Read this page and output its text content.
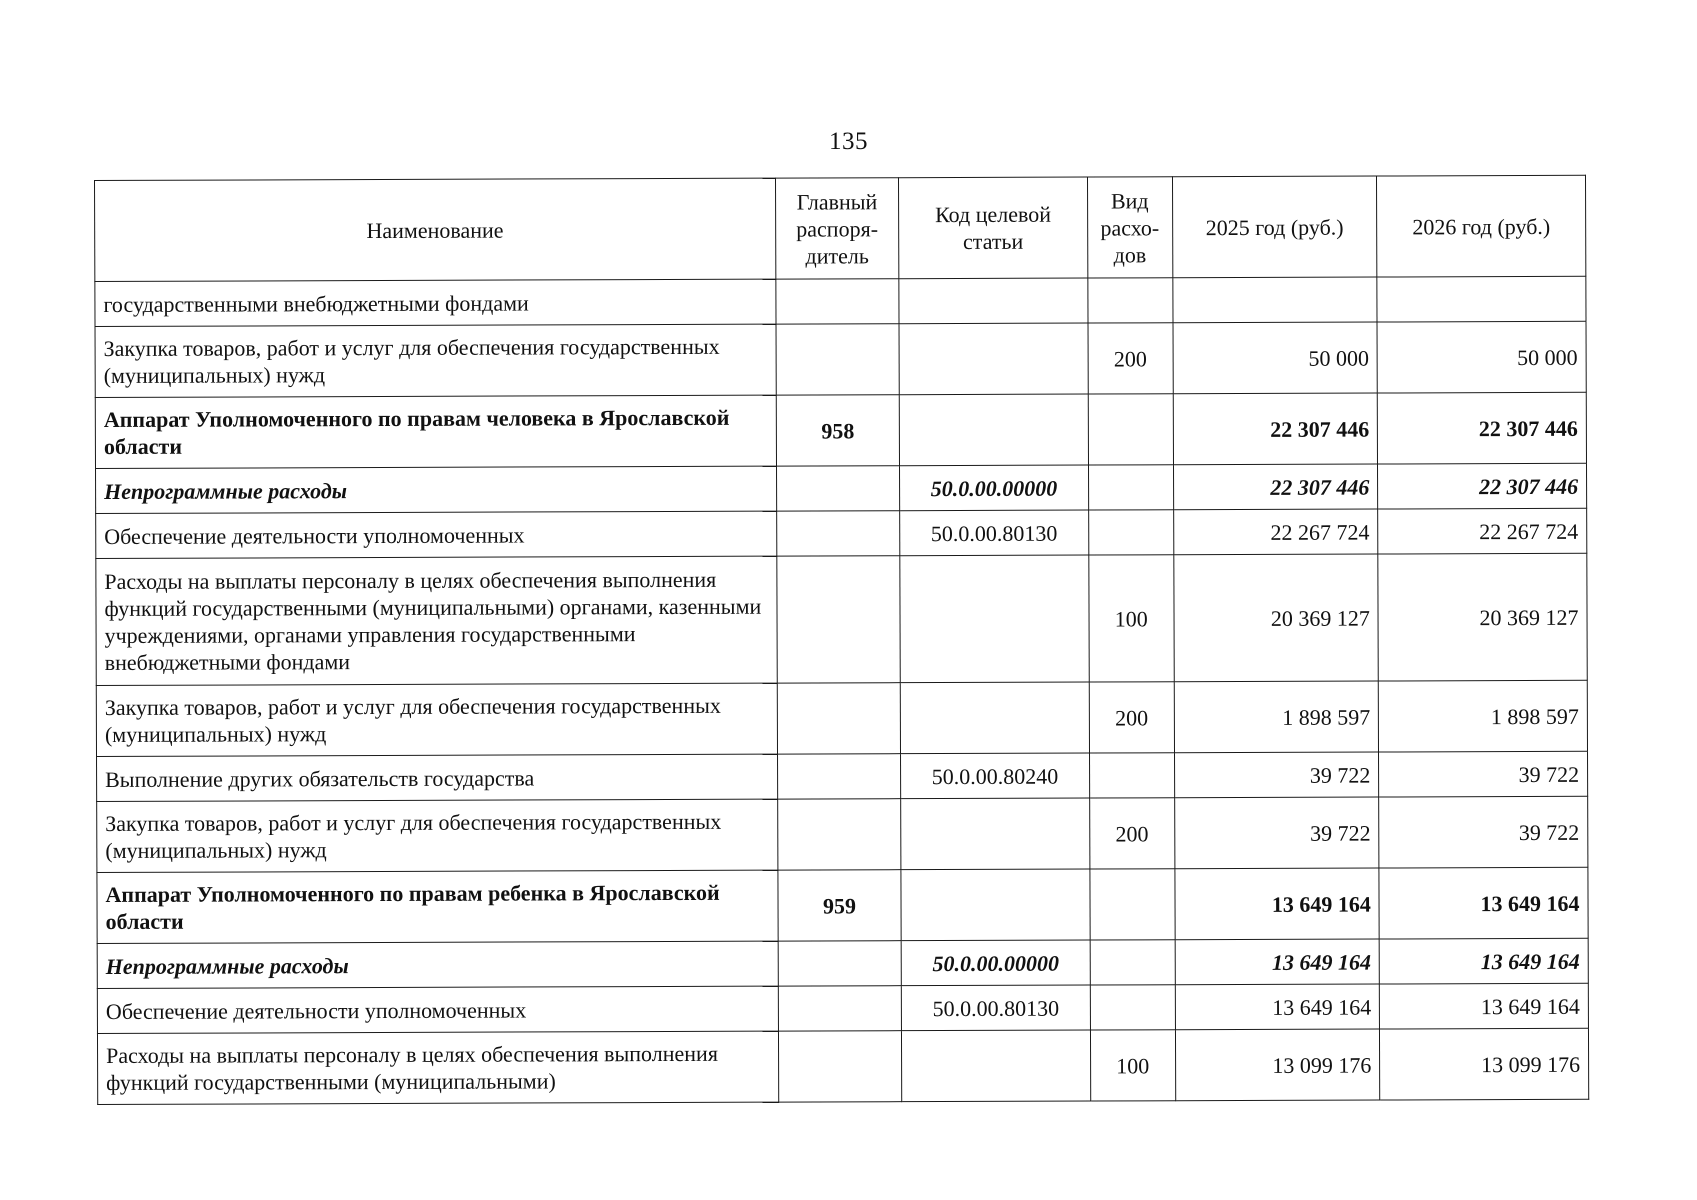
135
Наименование	Главный распоря-дитель	Код целевой статьи	Вид расхо-дов	2025 год (руб.)	2026 год (руб.)
государственными внебюджетными фондами					
Закупка товаров, работ и услуг для обеспечения государственных (муниципальных) нужд			200	50 000	50 000
Аппарат Уполномоченного по правам человека в Ярославской области	958			22 307 446	22 307 446
Непрограммные расходы		50.0.00.00000		22 307 446	22 307 446
Обеспечение деятельности уполномоченных		50.0.00.80130		22 267 724	22 267 724
Расходы на выплаты персоналу в целях обеспечения выполнения функций государственными (муниципальными) органами, казенными учреждениями, органами управления государственными внебюджетными фондами			100	20 369 127	20 369 127
Закупка товаров, работ и услуг для обеспечения государственных (муниципальных) нужд			200	1 898 597	1 898 597
Выполнение других обязательств государства		50.0.00.80240		39 722	39 722
Закупка товаров, работ и услуг для обеспечения государственных (муниципальных) нужд			200	39 722	39 722
Аппарат Уполномоченного по правам ребенка в Ярославской области	959			13 649 164	13 649 164
Непрограммные расходы		50.0.00.00000		13 649 164	13 649 164
Обеспечение деятельности уполномоченных		50.0.00.80130		13 649 164	13 649 164
Расходы на выплаты персоналу в целях обеспечения выполнения функций государственными (муниципальными)			100	13 099 176	13 099 176
